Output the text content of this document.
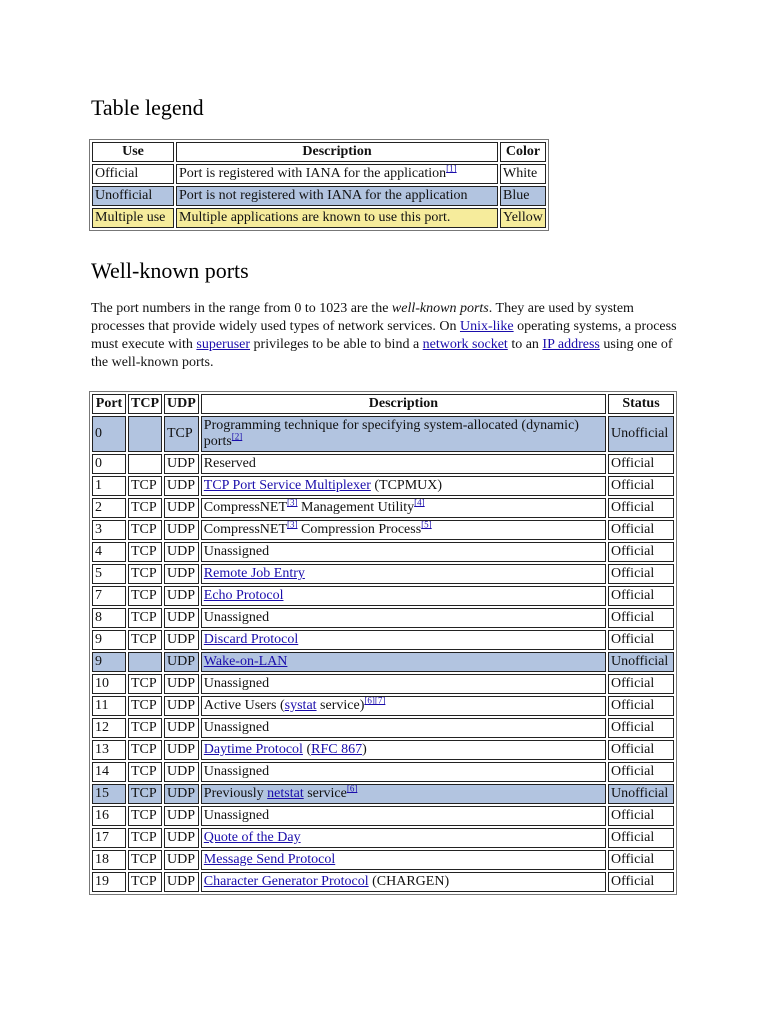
Table legend
Use	Description	Color
Official	Port is registered with IANA for the application[1]	White
Unofficial	Port is not registered with IANA for the application	Blue
Multiple use	Multiple applications are known to use this port.	Yellow
Well-known ports

The port numbers in the range from 0 to 1023 are the well-known ports. They are used by system processes that provide widely used types of network services. On Unix-like operating systems, a process must execute with superuser privileges to be able to bind a network socket to an IP address using one of the well-known ports.

Port	TCP	UDP	Description	Status
0		TCP	Programming technique for specifying system-allocated (dynamic) ports[2]	Unofficial
0		UDP	Reserved	Official
1	TCP	UDP	TCP Port Service Multiplexer (TCPMUX)	Official
2	TCP	UDP	CompressNET[3] Management Utility[4]	Official
3	TCP	UDP	CompressNET[3] Compression Process[5]	Official
4	TCP	UDP	Unassigned	Official
5	TCP	UDP	Remote Job Entry	Official
7	TCP	UDP	Echo Protocol	Official
8	TCP	UDP	Unassigned	Official
9	TCP	UDP	Discard Protocol	Official
9		UDP	Wake-on-LAN	Unofficial
10	TCP	UDP	Unassigned	Official
11	TCP	UDP	Active Users (systat service)[6][7]	Official
12	TCP	UDP	Unassigned	Official
13	TCP	UDP	Daytime Protocol (RFC 867)	Official
14	TCP	UDP	Unassigned	Official
15	TCP	UDP	Previously netstat service[6]	Unofficial
16	TCP	UDP	Unassigned	Official
17	TCP	UDP	Quote of the Day	Official
18	TCP	UDP	Message Send Protocol	Official
19	TCP	UDP	Character Generator Protocol (CHARGEN)	Official
